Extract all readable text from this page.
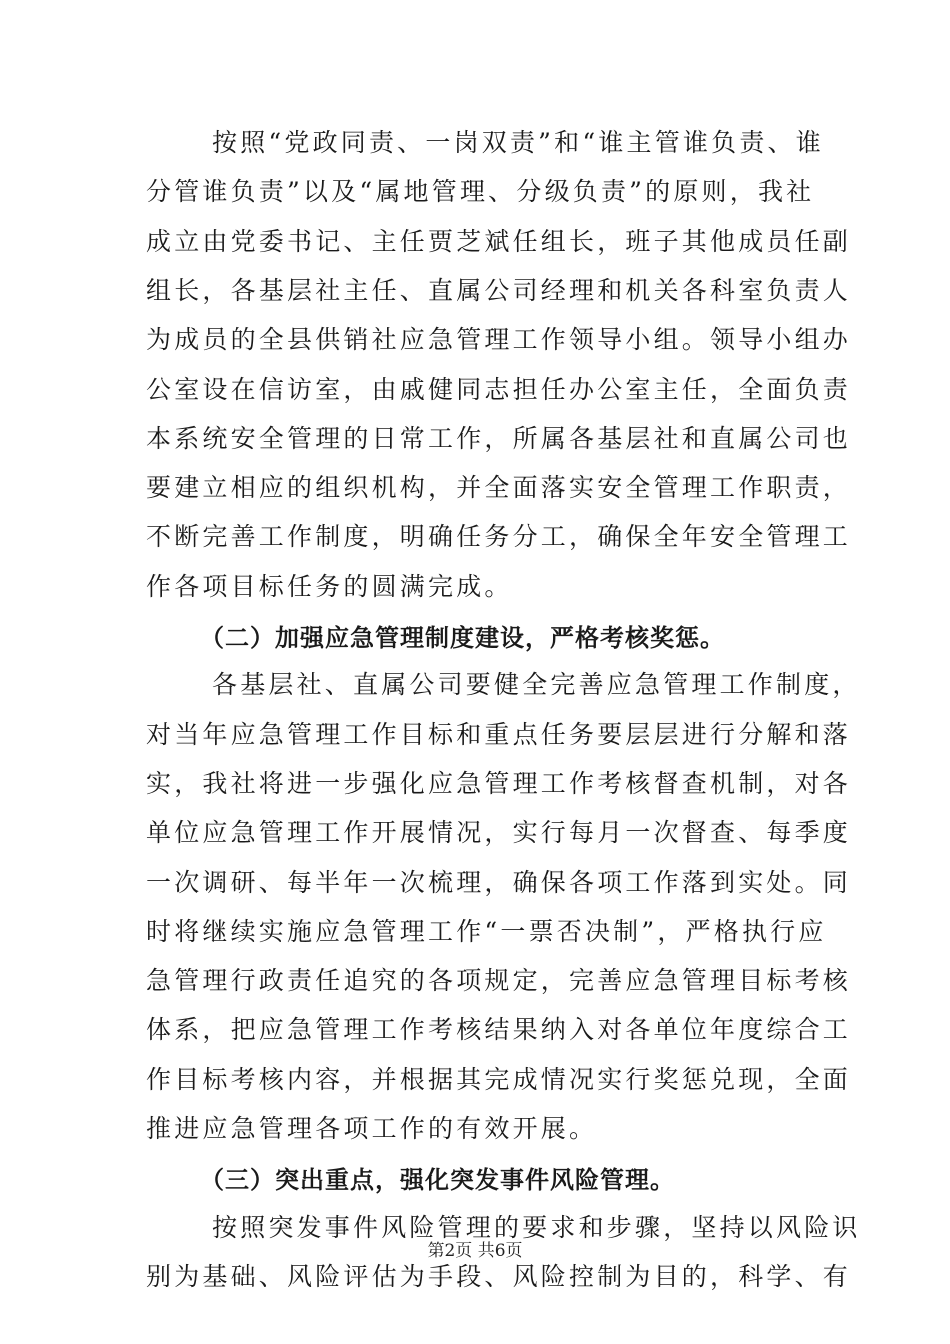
按照“党政同责、一岗双责”和“谁主管谁负责、谁
分管谁负责”以及“属地管理、分级负责”的原则，我社
成立由党委书记、主任贾芝斌任组长，班子其他成员任副
组长，各基层社主任、直属公司经理和机关各科室负责人
为成员的全县供销社应急管理工作领导小组。领导小组办
公室设在信访室，由戚健同志担任办公室主任，全面负责
本系统安全管理的日常工作，所属各基层社和直属公司也
要建立相应的组织机构，并全面落实安全管理工作职责，
不断完善工作制度，明确任务分工，确保全年安全管理工
作各项目标任务的圆满完成。
（二）加强应急管理制度建设，严格考核奖惩。
各基层社、直属公司要健全完善应急管理工作制度，
对当年应急管理工作目标和重点任务要层层进行分解和落
实，我社将进一步强化应急管理工作考核督查机制，对各
单位应急管理工作开展情况，实行每月一次督查、每季度
一次调研、每半年一次梳理，确保各项工作落到实处。同
时将继续实施应急管理工作“一票否决制”，严格执行应
急管理行政责任追究的各项规定，完善应急管理目标考核
体系，把应急管理工作考核结果纳入对各单位年度综合工
作目标考核内容，并根据其完成情况实行奖惩兑现，全面
推进应急管理各项工作的有效开展。
（三）突出重点，强化突发事件风险管理。
按照突发事件风险管理的要求和步骤，坚持以风险识
别为基础、风险评估为手段、风险控制为目的，科学、有
第2页 共6页
